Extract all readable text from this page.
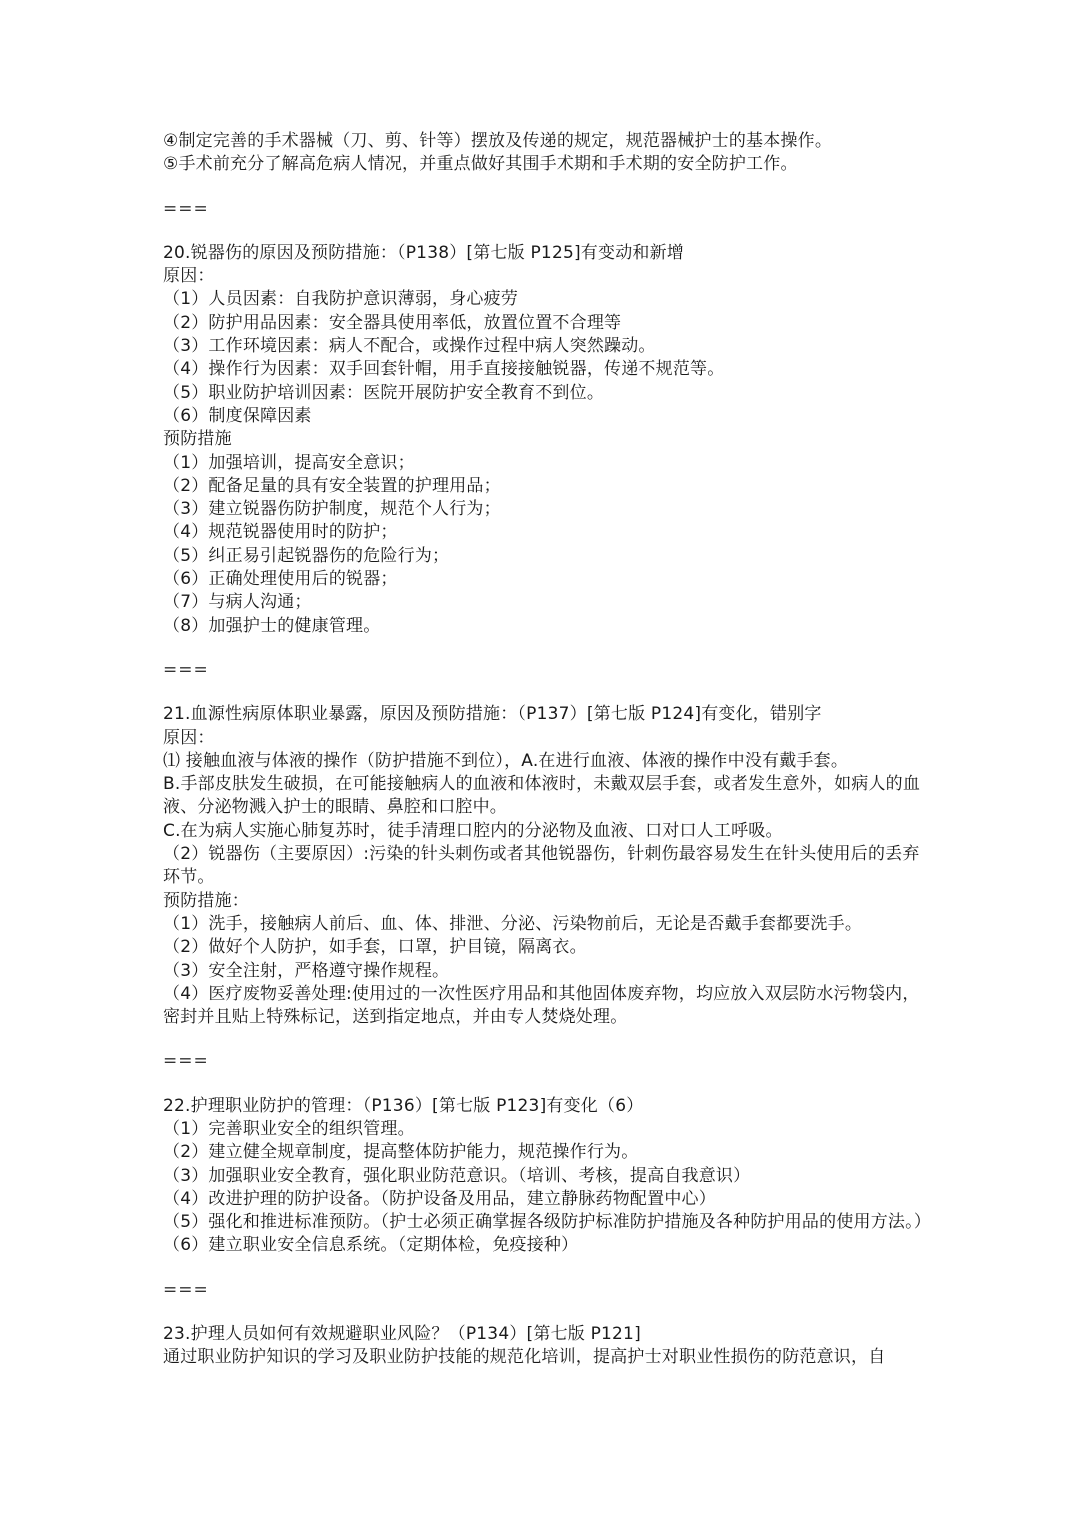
④制定完善的手术器械（刀、剪、针等）摆放及传递的规定，规范器械护士的基本操作。
⑤手术前充分了解高危病人情况，并重点做好其围手术期和手术期的安全防护工作。
===
20.锐器伤的原因及预防措施：（P138）[第七版 P125]有变动和新增
原因：
（1）人员因素：自我防护意识薄弱，身心疲劳
（2）防护用品因素：安全器具使用率低，放置位置不合理等
（3）工作环境因素：病人不配合，或操作过程中病人突然躁动。
（4）操作行为因素：双手回套针帽，用手直接接触锐器，传递不规范等。
（5）职业防护培训因素：医院开展防护安全教育不到位。
（6）制度保障因素
预防措施
（1）加强培训，提高安全意识；
（2）配备足量的具有安全装置的护理用品；
（3）建立锐器伤防护制度，规范个人行为；
（4）规范锐器使用时的防护；
（5）纠正易引起锐器伤的危险行为；
（6）正确处理使用后的锐器；
（7）与病人沟通；
（8）加强护士的健康管理。
===
21.血源性病原体职业暴露，原因及预防措施：（P137）[第七版 P124]有变化，错别字
原因：
⑴ 接触血液与体液的操作（防护措施不到位），A.在进行血液、体液的操作中没有戴手套。
B.手部皮肤发生破损，在可能接触病人的血液和体液时，未戴双层手套，或者发生意外，如病人的血液、分泌物溅入护士的眼睛、鼻腔和口腔中。
C.在为病人实施心肺复苏时，徒手清理口腔内的分泌物及血液、口对口人工呼吸。
（2）锐器伤（主要原因）:污染的针头刺伤或者其他锐器伤，针刺伤最容易发生在针头使用后的丢弃环节。
预防措施：
（1）洗手，接触病人前后、血、体、排泄、分泌、污染物前后，无论是否戴手套都要洗手。
（2）做好个人防护，如手套，口罩，护目镜，隔离衣。
（3）安全注射，严格遵守操作规程。
（4）医疗废物妥善处理:使用过的一次性医疗用品和其他固体废弃物，均应放入双层防水污物袋内，密封并且贴上特殊标记，送到指定地点，并由专人焚烧处理。
===
22.护理职业防护的管理：（P136）[第七版 P123]有变化（6）
（1）完善职业安全的组织管理。
（2）建立健全规章制度，提高整体防护能力，规范操作行为。
（3）加强职业安全教育，强化职业防范意识。（培训、考核，提高自我意识）
（4）改进护理的防护设备。（防护设备及用品，建立静脉药物配置中心）
（5）强化和推进标准预防。（护士必须正确掌握各级防护标准防护措施及各种防护用品的使用方法。）
（6）建立职业安全信息系统。（定期体检，免疫接种）
===
23.护理人员如何有效规避职业风险？（P134）[第七版 P121]
通过职业防护知识的学习及职业防护技能的规范化培训，提高护士对职业性损伤的防范意识，自
